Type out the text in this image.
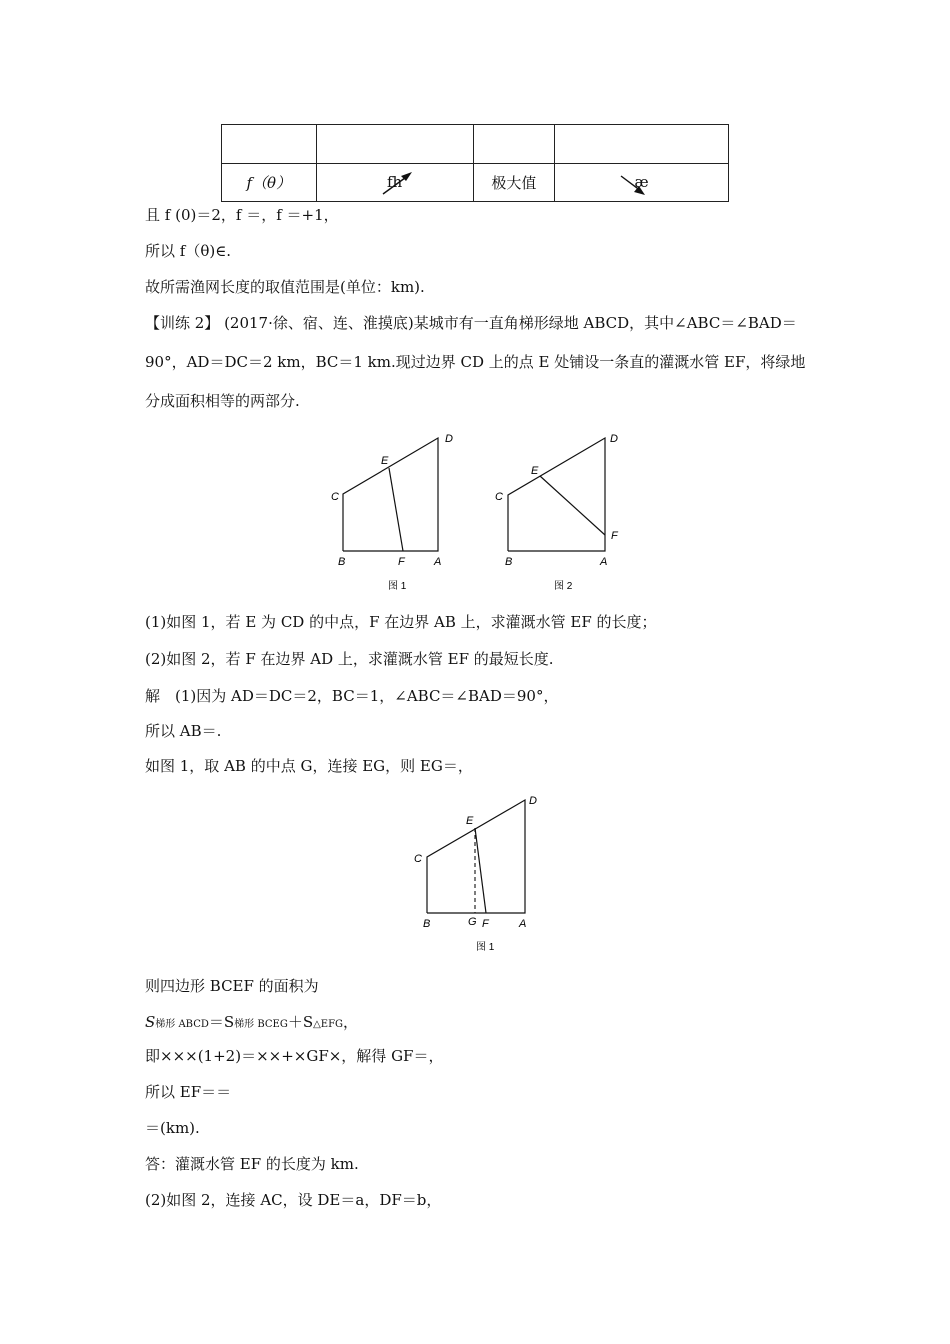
f（θ）	fh	极大值	æ
且 f (0)＝2，f ＝，f ＝+1，
所以 f（θ)∈.
故所需渔网长度的取值范围是(单位：km).
【训练 2】 (2017·徐、宿、连、淮摸底)某城市有一直角梯形绿地 ABCD，其中∠ABC＝∠BAD＝
90°，AD＝DC＝2 km，BC＝1 km.现过边界 CD 上的点 E 处铺设一条直的灌溉水管 EF，将绿地
分成面积相等的两部分.
D
E
C
B	F	A
图 1
D
E
C
F
B	A
图 2
(1)如图 1，若 E 为 CD 的中点，F 在边界 AB 上，求灌溉水管 EF 的长度；
(2)如图 2，若 F 在边界 AD 上，求灌溉水管 EF 的最短长度.
解　(1)因为 AD＝DC＝2，BC＝1，∠ABC＝∠BAD＝90°，
所以 AB＝.
如图 1，取 AB 的中点 G，连接 EG，则 EG＝，
D
E
C
B	G F	A
图 1
则四边形 BCEF 的面积为
S梯形 ABCD＝S梯形 BCEG＋S△EFG，
即×××(1+2)＝××+×GF×，解得 GF＝，
所以 EF＝＝
＝(km).
答：灌溉水管 EF 的长度为 km.
(2)如图 2，连接 AC，设 DE＝a，DF＝b，
